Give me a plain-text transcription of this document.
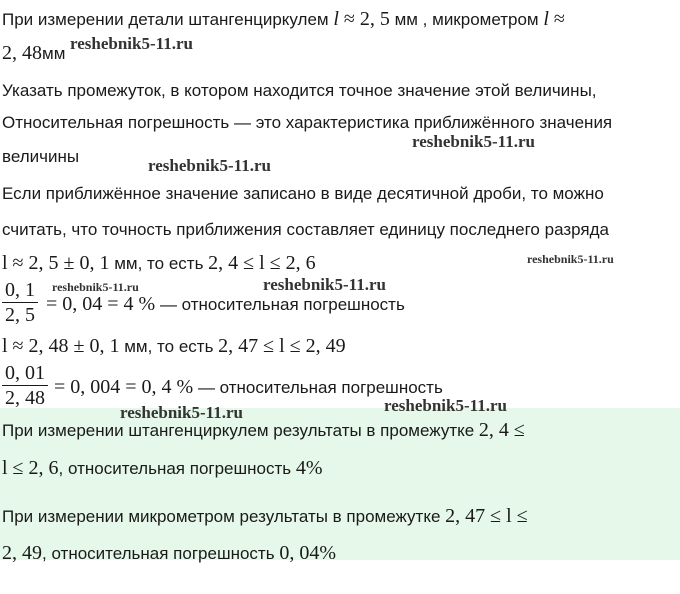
При измерении детали штангенциркулем l ≈ 2, 5 мм , микрометром l ≈
2, 48мм
Указать промежуток, в котором находится точное значение этой величины,
Относительная погрешность — это характеристика приближённого значения
величины
Если приближённое значение записано в виде десятичной дроби, то можно
считать, что точность приближения составляет единицу последнего разряда
l ≈ 2, 5 ± 0, 1 мм, то есть 2, 4 ≤ l ≤ 2, 6
0, 1
2, 5 = 0, 04 = 4 % — относительная погрешность
l ≈ 2, 48 ± 0, 1 мм, то есть 2, 47 ≤ l ≤ 2, 49
0, 01
2, 48 = 0, 004 = 0, 4 % — относительная погрешность
При измерении штангенциркулем результаты в промежутке 2, 4 ≤
l ≤ 2, 6, относительная погрешность 4%
При измерении микрометром результаты в промежутке 2, 47 ≤ l ≤
2, 49, относительная погрешность 0, 04%
reshebnik5-11.ru
reshebnik5-11.ru
reshebnik5-11.ru
reshebnik5-11.ru
reshebnik5-11.ru	reshebnik5-11.ru
reshebnik5-11.ru	reshebnik5-11.ru
